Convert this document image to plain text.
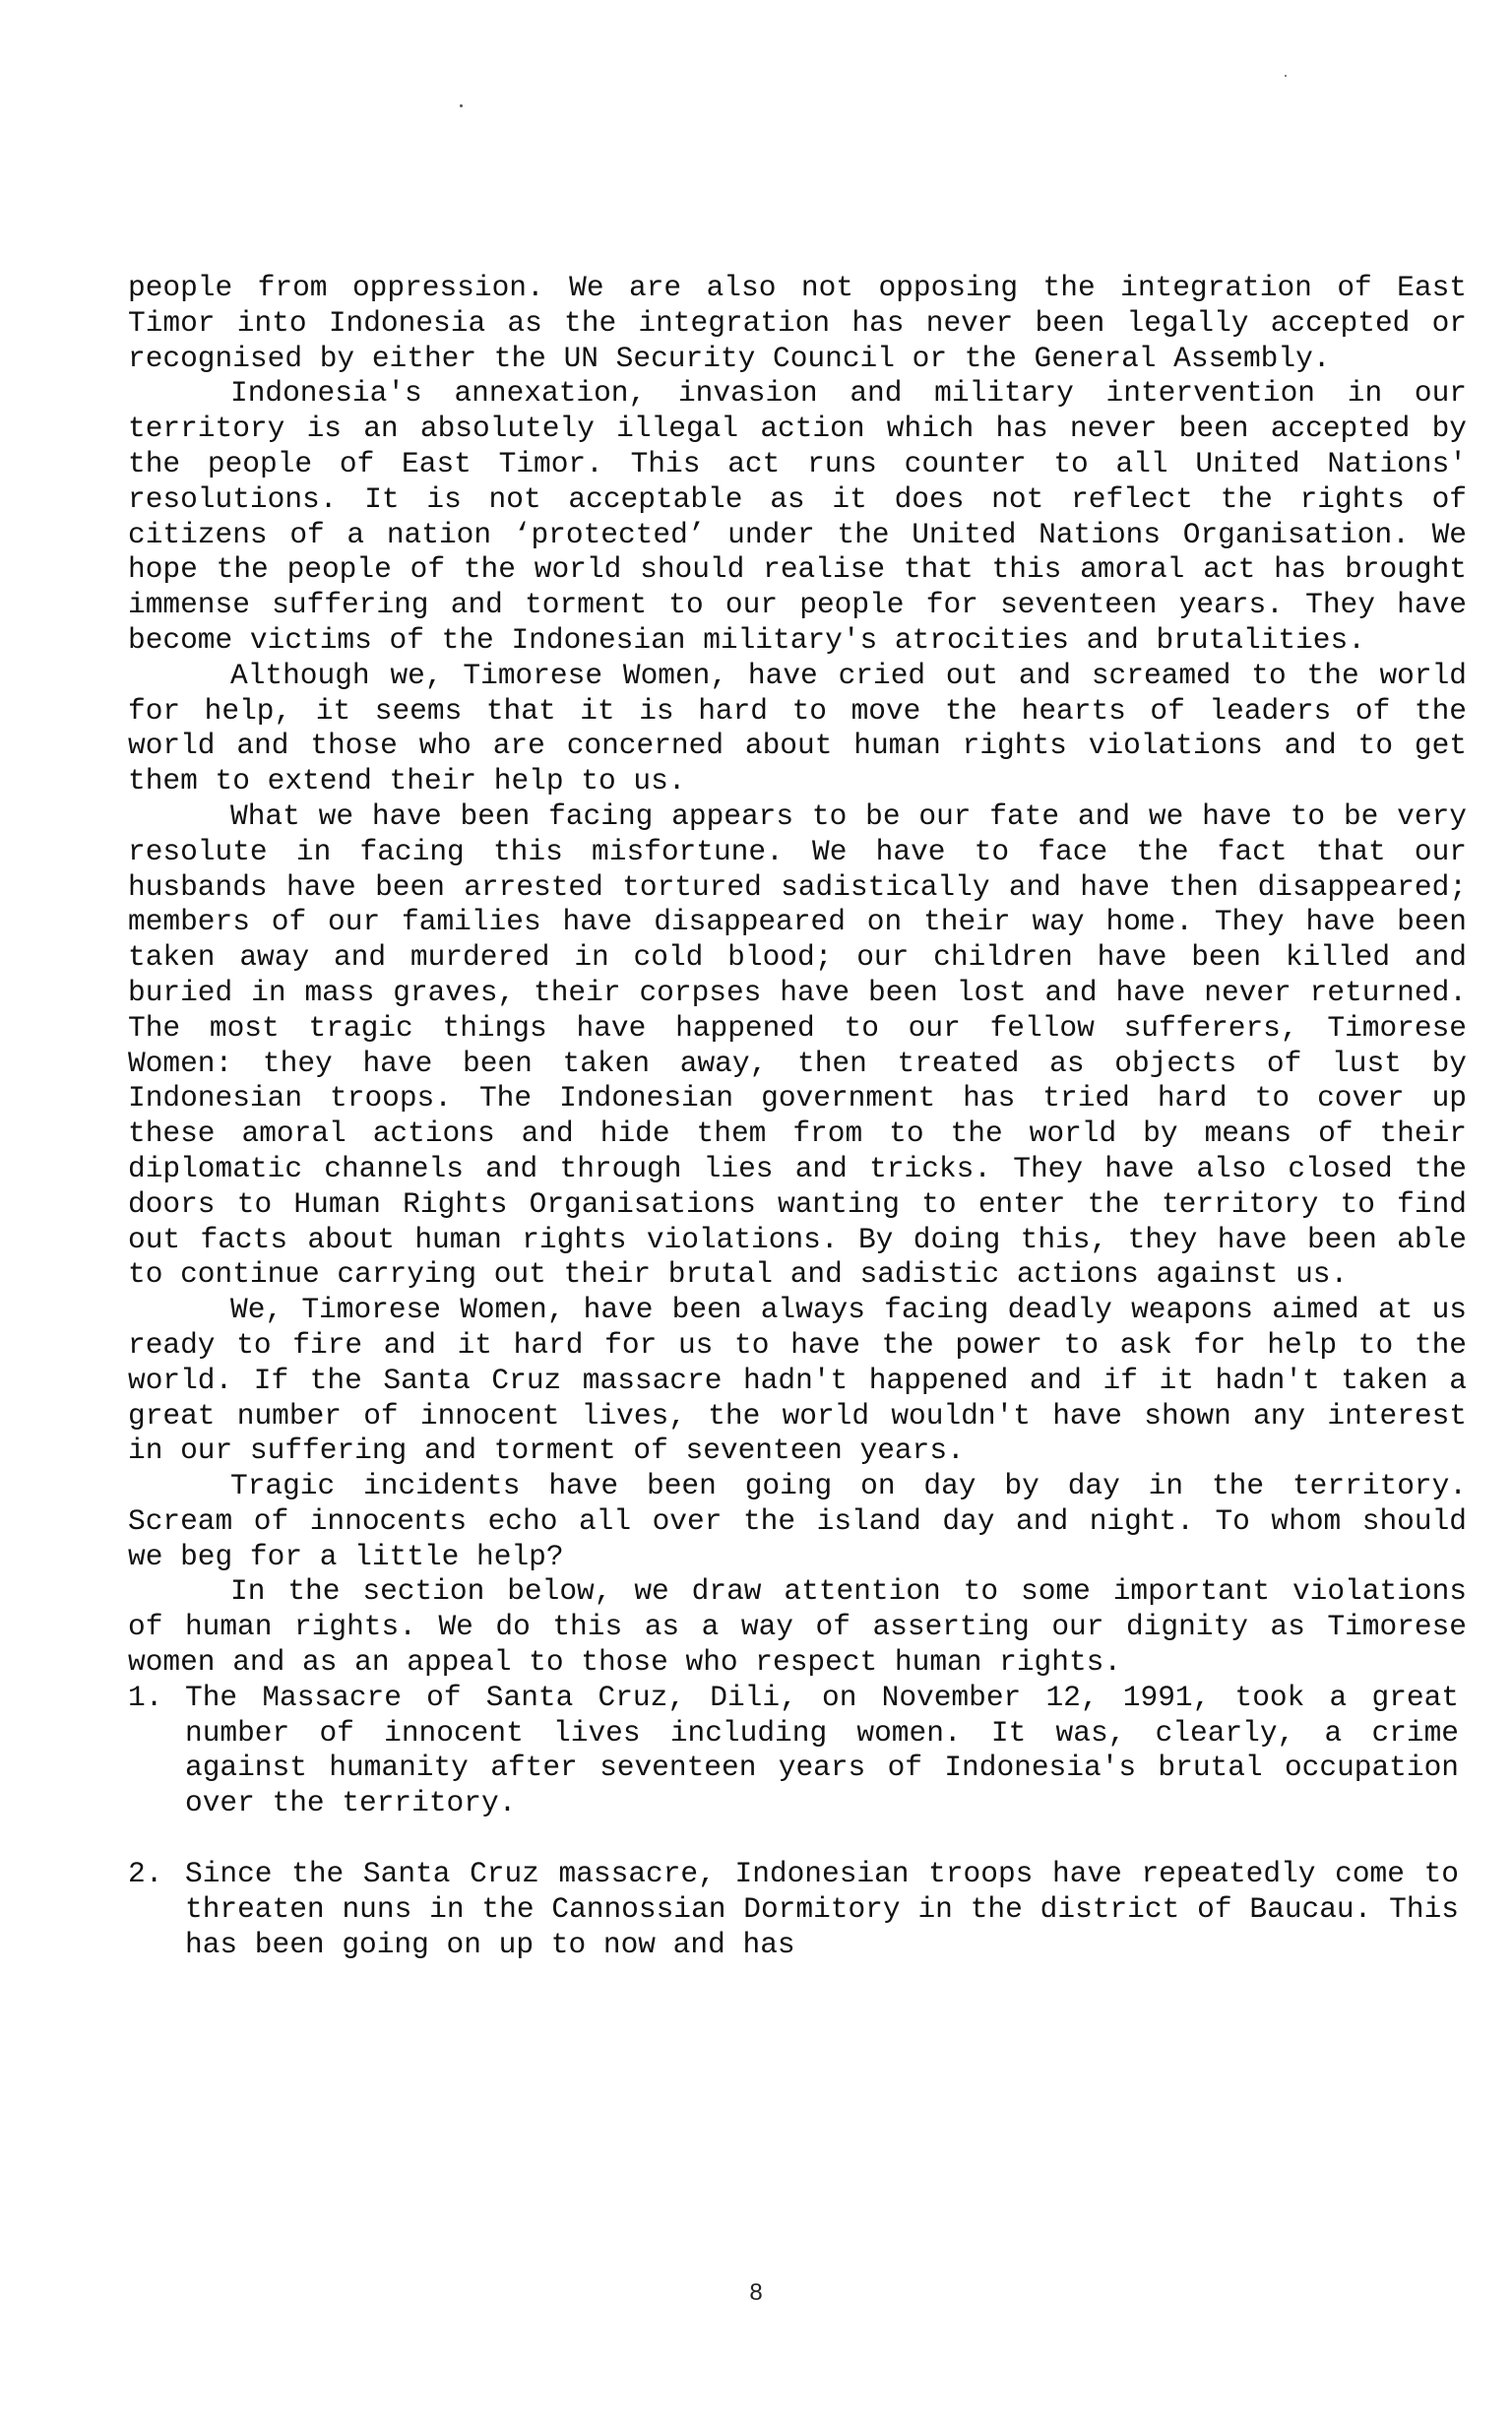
people from oppression. We are also not opposing the integration of East Timor into Indonesia as the integration has never been legally accepted or recognised by either the UN Security Council or the General Assembly.

Indonesia's annexation, invasion and military intervention in our territory is an absolutely illegal action which has never been accepted by the people of East Timor. This act runs counter to all United Nations' resolutions. It is not acceptable as it does not reflect the rights of citizens of a nation ‘protected’ under the United Nations Organisation. We hope the people of the world should realise that this amoral act has brought immense suffering and torment to our people for seventeen years. They have become victims of the Indonesian military's atrocities and brutalities.

Although we, Timorese Women, have cried out and screamed to the world for help, it seems that it is hard to move the hearts of leaders of the world and those who are concerned about human rights violations and to get them to extend their help to us.

What we have been facing appears to be our fate and we have to be very resolute in facing this misfortune. We have to face the fact that our husbands have been arrested tortured sadistically and have then disappeared; members of our families have disappeared on their way home. They have been taken away and murdered in cold blood; our children have been killed and buried in mass graves, their corpses have been lost and have never returned. The most tragic things have happened to our fellow sufferers, Timorese Women: they have been taken away, then treated as objects of lust by Indonesian troops. The Indonesian government has tried hard to cover up these amoral actions and hide them from to the world by means of their diplomatic channels and through lies and tricks. They have also closed the doors to Human Rights Organisations wanting to enter the territory to find out facts about human rights violations. By doing this, they have been able to continue carrying out their brutal and sadistic actions against us.

We, Timorese Women, have been always facing deadly weapons aimed at us ready to fire and it hard for us to have the power to ask for help to the world. If the Santa Cruz massacre hadn't happened and if it hadn't taken a great number of innocent lives, the world wouldn't have shown any interest in our suffering and torment of seventeen years.

Tragic incidents have been going on day by day in the territory. Scream of innocents echo all over the island day and night. To whom should we beg for a little help?

In the section below, we draw attention to some important violations of human rights. We do this as a way of asserting our dignity as Timorese women and as an appeal to those who respect human rights.

1. The Massacre of Santa Cruz, Dili, on November 12, 1991, took a great number of innocent lives including women. It was, clearly, a crime against humanity after seventeen years of Indonesia's brutal occupation over the territory.
2. Since the Santa Cruz massacre, Indonesian troops have repeatedly come to threaten nuns in the Cannossian Dormitory in the district of Baucau. This has been going on up to now and has
8
